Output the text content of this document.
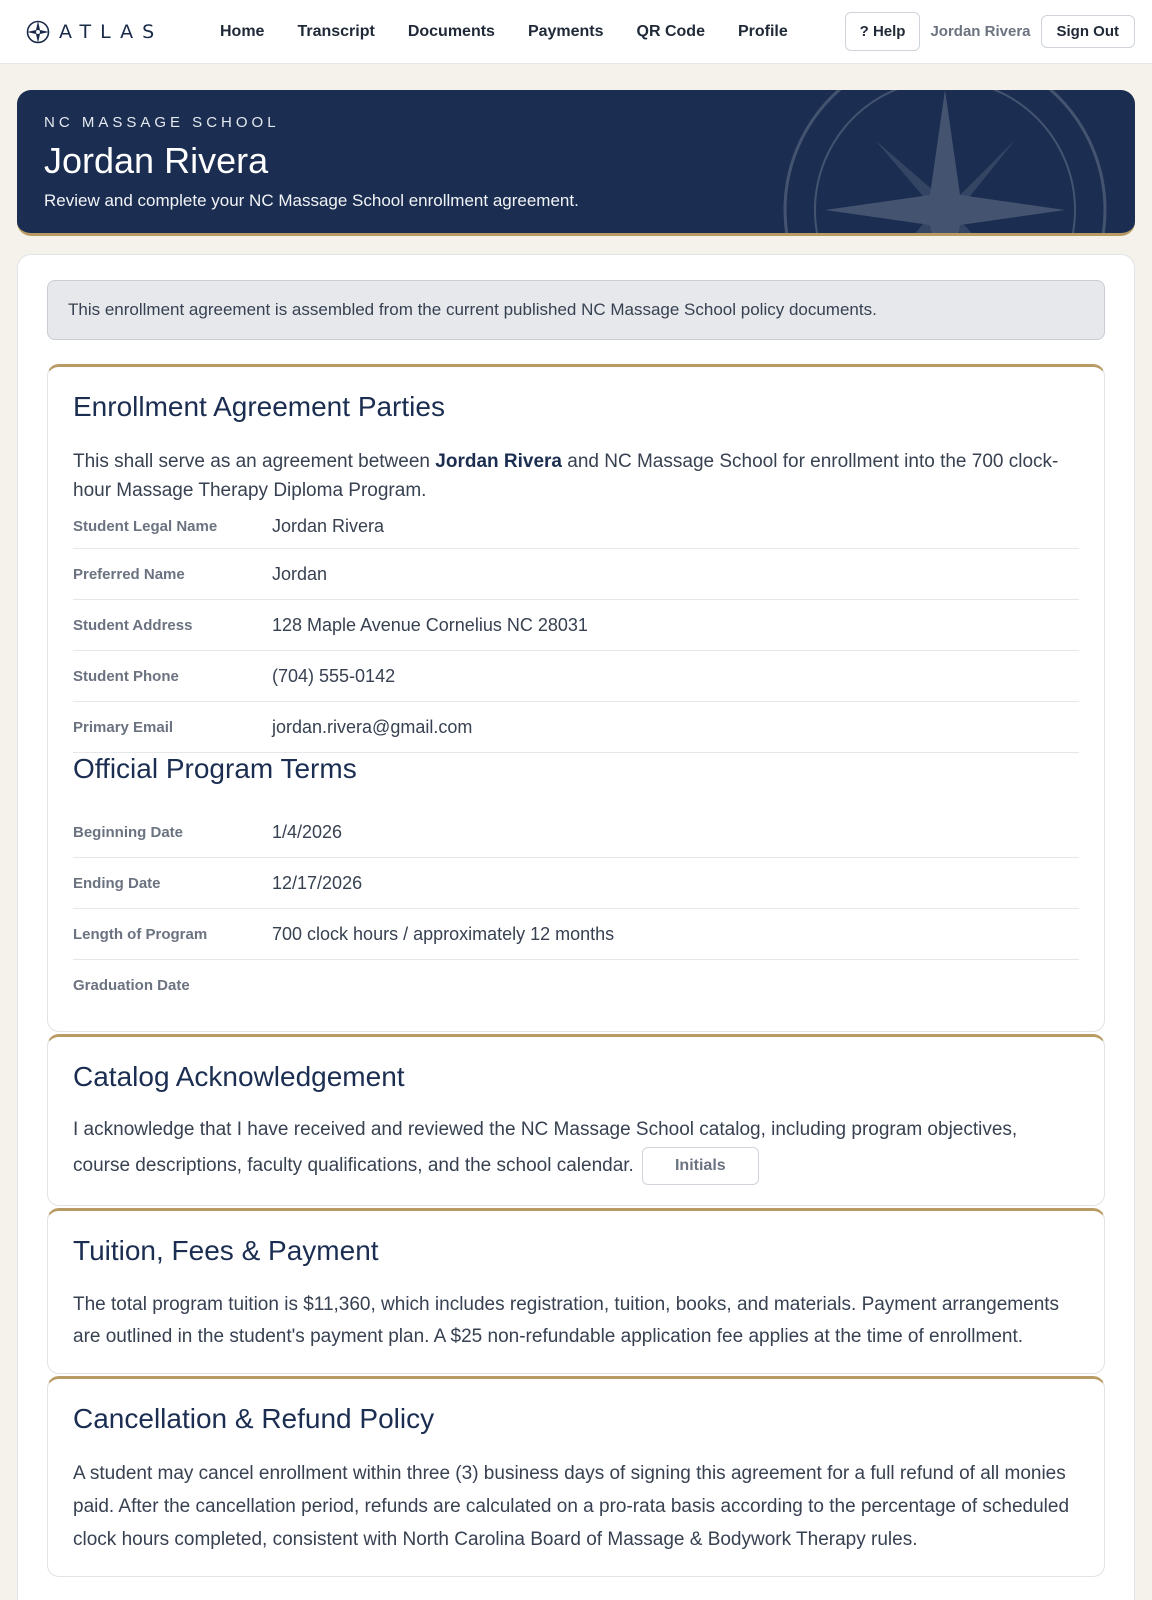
ATLAS	Home Transcript Documents Payments QR Code Profile	? Help	Jordan Rivera	Sign Out
NC MASSAGE SCHOOL
Jordan Rivera
Review and complete your NC Massage School enrollment agreement.
This enrollment agreement is assembled from the current published NC Massage School policy documents.
Enrollment Agreement Parties

This shall serve as an agreement between Jordan Rivera and NC Massage School for enrollment into the 700 clock-hour Massage Therapy Diploma Program.

Student Legal Name	Jordan Rivera
Preferred Name	Jordan
Student Address	128 Maple Avenue Cornelius NC 28031
Student Phone	(704) 555-0142
Primary Email	jordan.rivera@gmail.com
Official Program Terms
Beginning Date	1/4/2026
Ending Date	12/17/2026
Length of Program	700 clock hours / approximately 12 months
Graduation Date
Catalog Acknowledgement

I acknowledge that I have received and reviewed the NC Massage School catalog, including program objectives, course descriptions, faculty qualifications, and the school calendar.	Initials

Tuition, Fees & Payment

The total program tuition is $11,360, which includes registration, tuition, books, and materials. Payment arrangements are outlined in the student's payment plan. A $25 non-refundable application fee applies at the time of enrollment.

Cancellation & Refund Policy

A student may cancel enrollment within three (3) business days of signing this agreement for a full refund of all monies paid. After the cancellation period, refunds are calculated on a pro-rata basis according to the percentage of scheduled clock hours completed, consistent with North Carolina Board of Massage & Bodywork Therapy rules.
